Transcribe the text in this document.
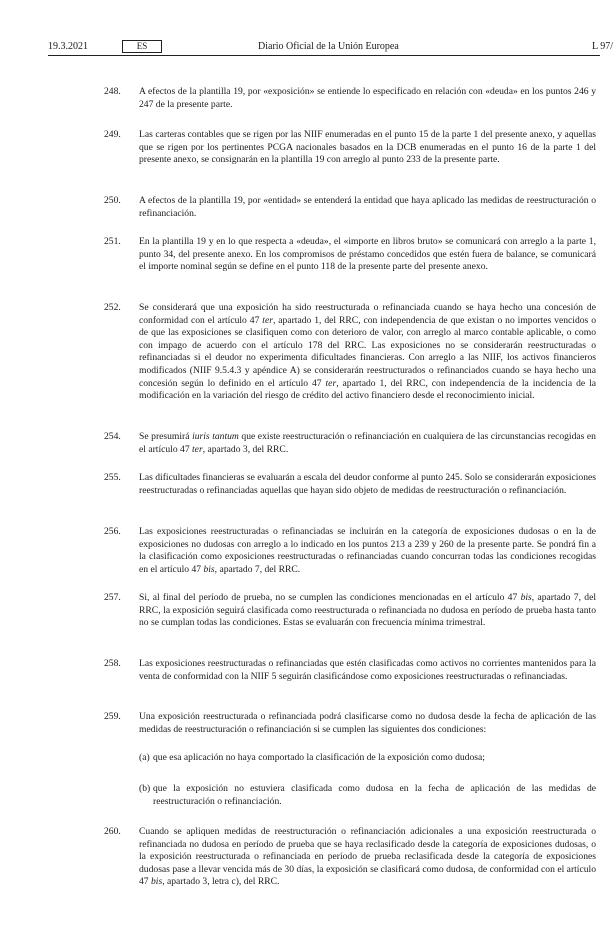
19.3.2021	ES	Diario Oficial de la Unión Europea	L 97/
248. A efectos de la plantilla 19, por «exposición» se entiende lo especificado en relación con «deuda» en los puntos 246 y 247 de la presente parte.
249. Las carteras contables que se rigen por las NIIF enumeradas en el punto 15 de la parte 1 del presente anexo, y aquellas que se rigen por los pertinentes PCGA nacionales basados en la DCB enumeradas en el punto 16 de la parte 1 del presente anexo, se consignarán en la plantilla 19 con arreglo al punto 233 de la presente parte.
250. A efectos de la plantilla 19, por «entidad» se entenderá la entidad que haya aplicado las medidas de reestructuración o refinanciación.
251. En la plantilla 19 y en lo que respecta a «deuda», el «importe en libros bruto» se comunicará con arreglo a la parte 1, punto 34, del presente anexo. En los compromisos de préstamo concedidos que estén fuera de balance, se comunicará el importe nominal según se define en el punto 118 de la presente parte del presente anexo.
252. Se considerará que una exposición ha sido reestructurada o refinanciada cuando se haya hecho una concesión de conformidad con el artículo 47 ter, apartado 1, del RRC, con independencia de que existan o no importes vencidos o de que las exposiciones se clasifiquen como con deterioro de valor, con arreglo al marco contable aplicable, o como con impago de acuerdo con el artículo 178 del RRC. Las exposiciones no se considerarán reestructuradas o refinanciadas si el deudor no experimenta dificultades financieras. Con arreglo a las NIIF, los activos financieros modificados (NIIF 9.5.4.3 y apéndice A) se considerarán reestructurados o refinanciados cuando se haya hecho una concesión según lo definido en el artículo 47 ter, apartado 1, del RRC, con independencia de la incidencia de la modificación en la variación del riesgo de crédito del activo financiero desde el reconocimiento inicial.
254. Se presumirá iuris tantum que existe reestructuración o refinanciación en cualquiera de las circunstancias recogidas en el artículo 47 ter, apartado 3, del RRC.
255. Las dificultades financieras se evaluarán a escala del deudor conforme al punto 245. Solo se considerarán exposiciones reestructuradas o refinanciadas aquellas que hayan sido objeto de medidas de reestructuración o refinanciación.
256. Las exposiciones reestructuradas o refinanciadas se incluirán en la categoría de exposiciones dudosas o en la de exposiciones no dudosas con arreglo a lo indicado en los puntos 213 a 239 y 260 de la presente parte. Se pondrá fin a la clasificación como exposiciones reestructuradas o refinanciadas cuando concurran todas las condiciones recogidas en el artículo 47 bis, apartado 7, del RRC.
257. Si, al final del período de prueba, no se cumplen las condiciones mencionadas en el artículo 47 bis, apartado 7, del RRC, la exposición seguirá clasificada como reestructurada o refinanciada no dudosa en período de prueba hasta tanto no se cumplan todas las condiciones. Estas se evaluarán con frecuencia mínima trimestral.
258. Las exposiciones reestructuradas o refinanciadas que estén clasificadas como activos no corrientes mantenidos para la venta de conformidad con la NIIF 5 seguirán clasificándose como exposiciones reestructuradas o refinanciadas.
259. Una exposición reestructurada o refinanciada podrá clasificarse como no dudosa desde la fecha de aplicación de las medidas de reestructuración o refinanciación si se cumplen las siguientes dos condiciones:
(a) que esa aplicación no haya comportado la clasificación de la exposición como dudosa;
(b) que la exposición no estuviera clasificada como dudosa en la fecha de aplicación de las medidas de reestructuración o refinanciación.
260. Cuando se apliquen medidas de reestructuración o refinanciación adicionales a una exposición reestructurada o refinanciada no dudosa en período de prueba que se haya reclasificado desde la categoría de exposiciones dudosas, o la exposición reestructurada o refinanciada en período de prueba reclasificada desde la categoría de exposiciones dudosas pase a llevar vencida más de 30 días, la exposición se clasificará como dudosa, de conformidad con el artículo 47 bis, apartado 3, letra c), del RRC.
